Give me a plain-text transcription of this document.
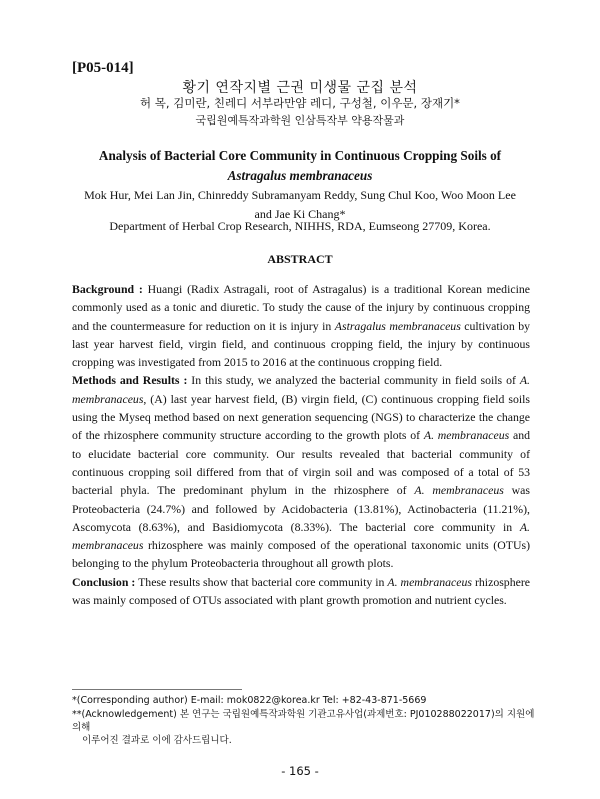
[P05-014]
황기 연작지별 근권 미생물 군집 분석
허 목, 김미란, 친레디 서부라만얌 레디, 구성철, 이우문, 장재기*
국립원예특작과학원 인삼특작부 약용작물과
Analysis of Bacterial Core Community in Continuous Cropping Soils of
Astragalus membranaceus
Mok Hur, Mei Lan Jin, Chinreddy Subramanyam Reddy, Sung Chul Koo, Woo Moon Lee
and Jae Ki Chang*
Department of Herbal Crop Research, NIHHS, RDA, Eumseong 27709, Korea.
ABSTRACT

Background : Huangi (Radix Astragali, root of Astragalus) is a traditional Korean medicine commonly used as a tonic and diuretic. To study the cause of the injury by continuous cropping and the countermeasure for reduction on it is injury in Astragalus membranaceus cultivation by last year harvest field, virgin field, and continuous cropping field, the injury by continuous cropping was investigated from 2015 to 2016 at the continuous cropping field.

Methods and Results : In this study, we analyzed the bacterial community in field soils of A. membranaceus, (A) last year harvest field, (B) virgin field, (C) continuous cropping field soils using the Myseq method based on next generation sequencing (NGS) to characterize the change of the rhizosphere community structure according to the growth plots of A. membranaceus and to elucidate bacterial core community. Our results revealed that bacterial community of continuous cropping soil differed from that of virgin soil and was composed of a total of 53 bacterial phyla. The predominant phylum in the rhizosphere of A. membranaceus was Proteobacteria (24.7%) and followed by Acidobacteria (13.81%), Actinobacteria (11.21%), Ascomycota (8.63%), and Basidiomycota (8.33%). The bacterial core community in A. membranaceus rhizosphere was mainly composed of the operational taxonomic units (OTUs) belonging to the phylum Proteobacteria throughout all growth plots.

Conclusion : These results show that bacterial core community in A. membranaceus rhizosphere was mainly composed of OTUs associated with plant growth promotion and nutrient cycles.

*(Corresponding author) E-mail: mok0822@korea.kr Tel: +82-43-871-5669
**(Acknowledgement) 본 연구는 국립원예특작과학원 기관고유사업(과제번호: PJ010288022017)의 지원에 의해
이루어진 결과로 이에 감사드립니다.
- 165 -
